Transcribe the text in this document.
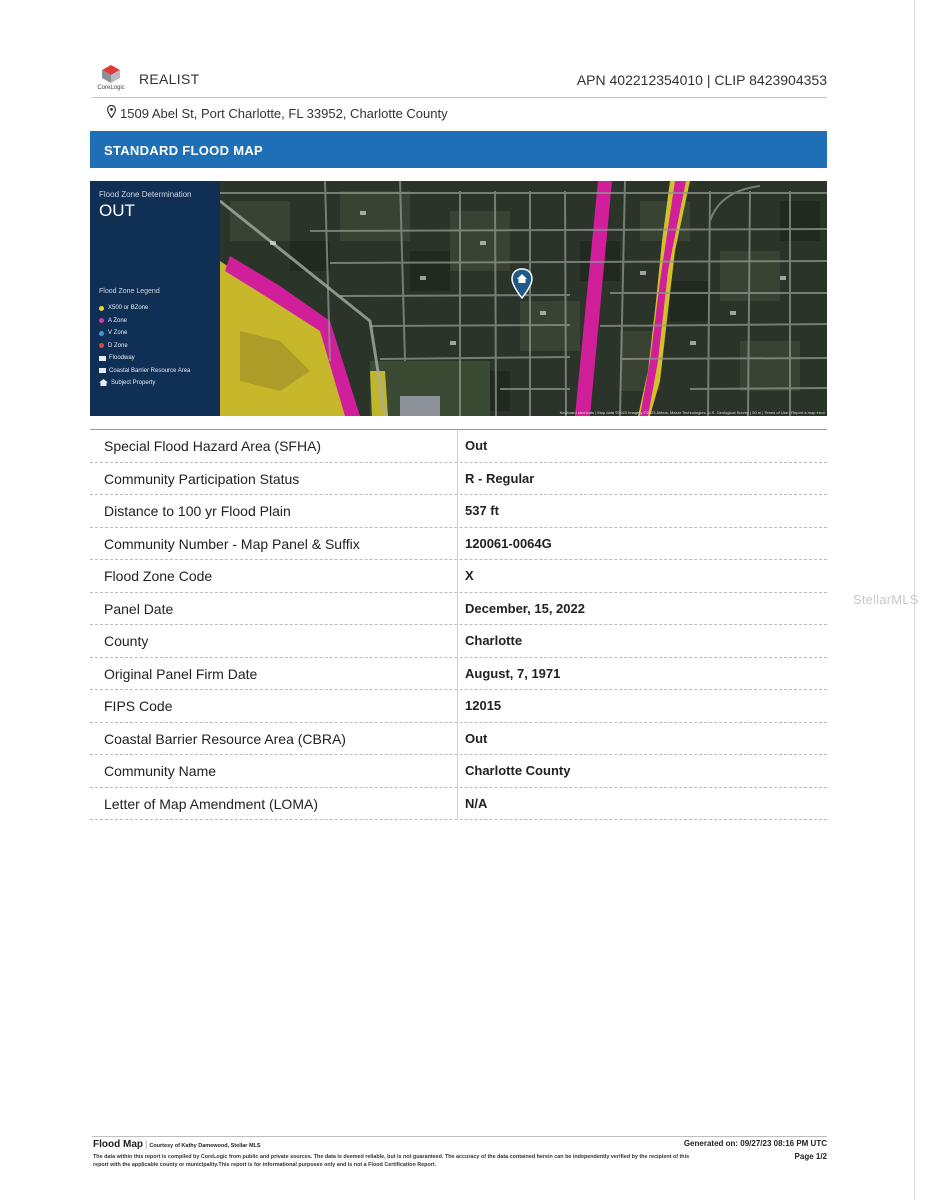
StellarMLS
CoreLogic
REALIST	APN 402212354010 | CLIP 8423904353
1509 Abel St, Port Charlotte, FL 33952, Charlotte County
STANDARD FLOOD MAP
Flood Zone Determination
OUT
Flood Zone Legend
X500 or BZone
A Zone
V Zone
D Zone
Floodway
Coastal Barrier Resource Area
Subject Property
Keyboard shortcuts | Map data ©2023 Imagery ©2023 Airbus, Maxar Technologies, U.S. Geological Survey | 50 m | Terms of Use | Report a map error
Special Flood Hazard Area (SFHA)	Out
Community Participation Status	R - Regular
Distance to 100 yr Flood Plain	537 ft
Community Number - Map Panel & Suffix	120061-0064G
Flood Zone Code	X
Panel Date	December, 15, 2022
County	Charlotte
Original Panel Firm Date	August, 7, 1971
FIPS Code	12015
Coastal Barrier Resource Area (CBRA)	Out
Community Name	Charlotte County
Letter of Map Amendment (LOMA)	N/A
Flood Map | Courtesy of Kathy Damewood, Stellar MLS	Generated on: 09/27/23 08:16 PM UTC
Page 1/2
The data within this report is compiled by CoreLogic from public and private sources. The data is deemed reliable, but is not guaranteed. The accuracy of the data contained herein can be independently verified by the recipient of this report with the applicable county or municipality.This report is for informational purposes only and is not a Flood Certification Report.
